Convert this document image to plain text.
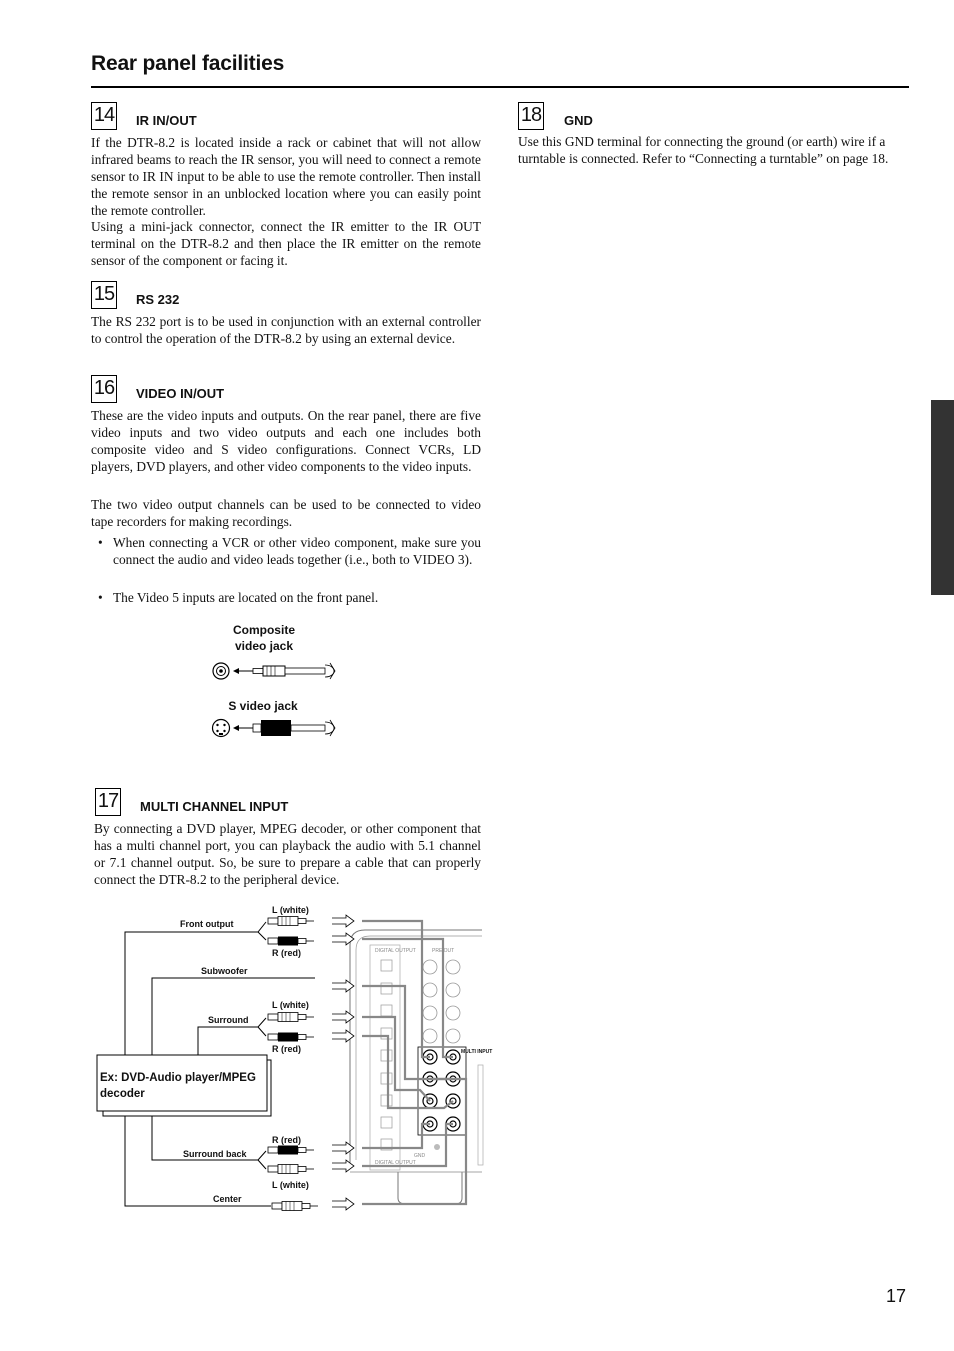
Rear panel facilities
14 IR IN/OUT

If the DTR-8.2 is located inside a rack or cabinet that will not allow infrared beams to reach the IR sensor, you will need to connect a remote sensor to IR IN input to be able to use the remote controller. Then install the remote sensor in an unblocked location where you can easily point the remote controller.

Using a mini-jack connector, connect the IR emitter to the IR OUT terminal on the DTR-8.2 and then place the IR emitter on the remote sensor of the component or facing it.

15 RS 232

The RS 232 port is to be used in conjunction with an external controller to control the operation of the DTR-8.2 by using an external device.

16 VIDEO IN/OUT

These are the video inputs and outputs. On the rear panel, there are five video inputs and two video outputs and each one includes both composite video and S video configurations. Connect VCRs, LD players, DVD players, and other video components to the video inputs.

The two video output channels can be used to be connected to video tape recorders for making recordings.

• When connecting a VCR or other video component, make sure you connect the audio and video leads together (i.e., both to VIDEO 3).
• The Video 5 inputs are located on the front panel.
Composite video jack
S video jack
17 MULTI CHANNEL INPUT

By connecting a DVD player, MPEG decoder, or other component that has a multi channel port, you can playback the audio with 5.1 channel or 7.1 channel output. So, be sure to prepare a cable that can properly connect the DTR-8.2 to the peripheral device.

DIGITAL OUTPUT
DIGITAL OUTPUT
PRE OUT
GND
MULTI INPUT
Ex: DVD-Audio player/MPEG
decoder
L (white)
Front output
R (red)
Subwoofer
L (white)
Surround
R (red)
R (red)
Surround back
L (white)
Center
18 GND

Use this GND terminal for connecting the ground (or earth) wire if a turntable is connected. Refer to “Connecting a turntable” on page 18.

17
